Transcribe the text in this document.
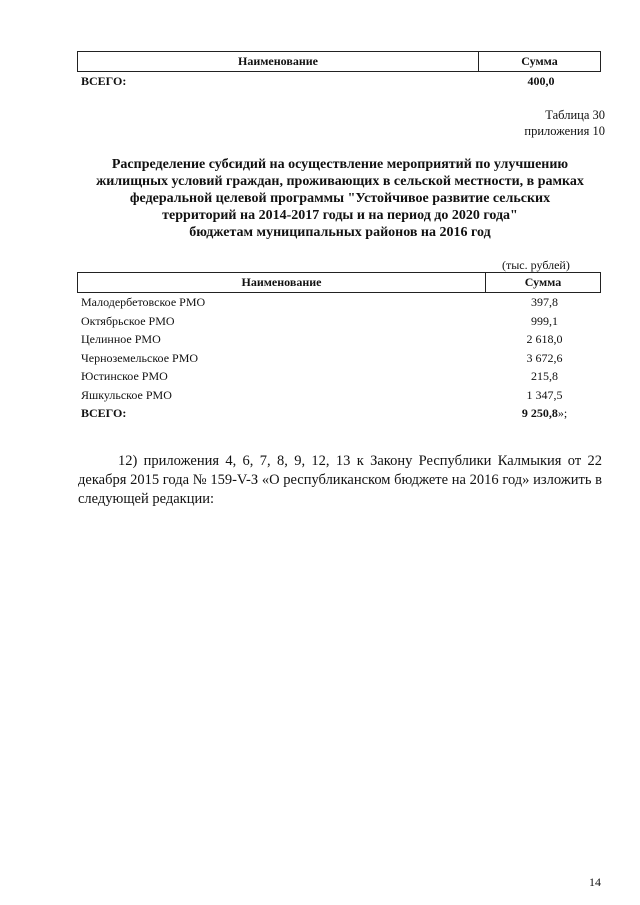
Наименование	Сумма
ВСЕГО:	400,0
Таблица 30
приложения 10
Распределение субсидий на осуществление мероприятий по улучшению
жилищных условий граждан, проживающих в сельской местности, в рамках
федеральной целевой программы "Устойчивое развитие сельских
территорий на 2014-2017 годы и на период до 2020 года"
бюджетам муниципальных районов на 2016 год
(тыс. рублей)
Наименование	Сумма
Малодербетовское РМО	397,8
Октябрьское РМО	999,1
Целинное РМО	2 618,0
Черноземельское РМО	3 672,6
Юстинское РМО	215,8
Яшкульское РМО	1 347,5
ВСЕГО:	9 250,8»;
12) приложения 4, 6, 7, 8, 9, 12, 13 к Закону Республики Калмыкия от 22 декабря 2015 года № 159-V-З «О республиканском бюджете на 2016 год» изложить в следующей редакции:
14
